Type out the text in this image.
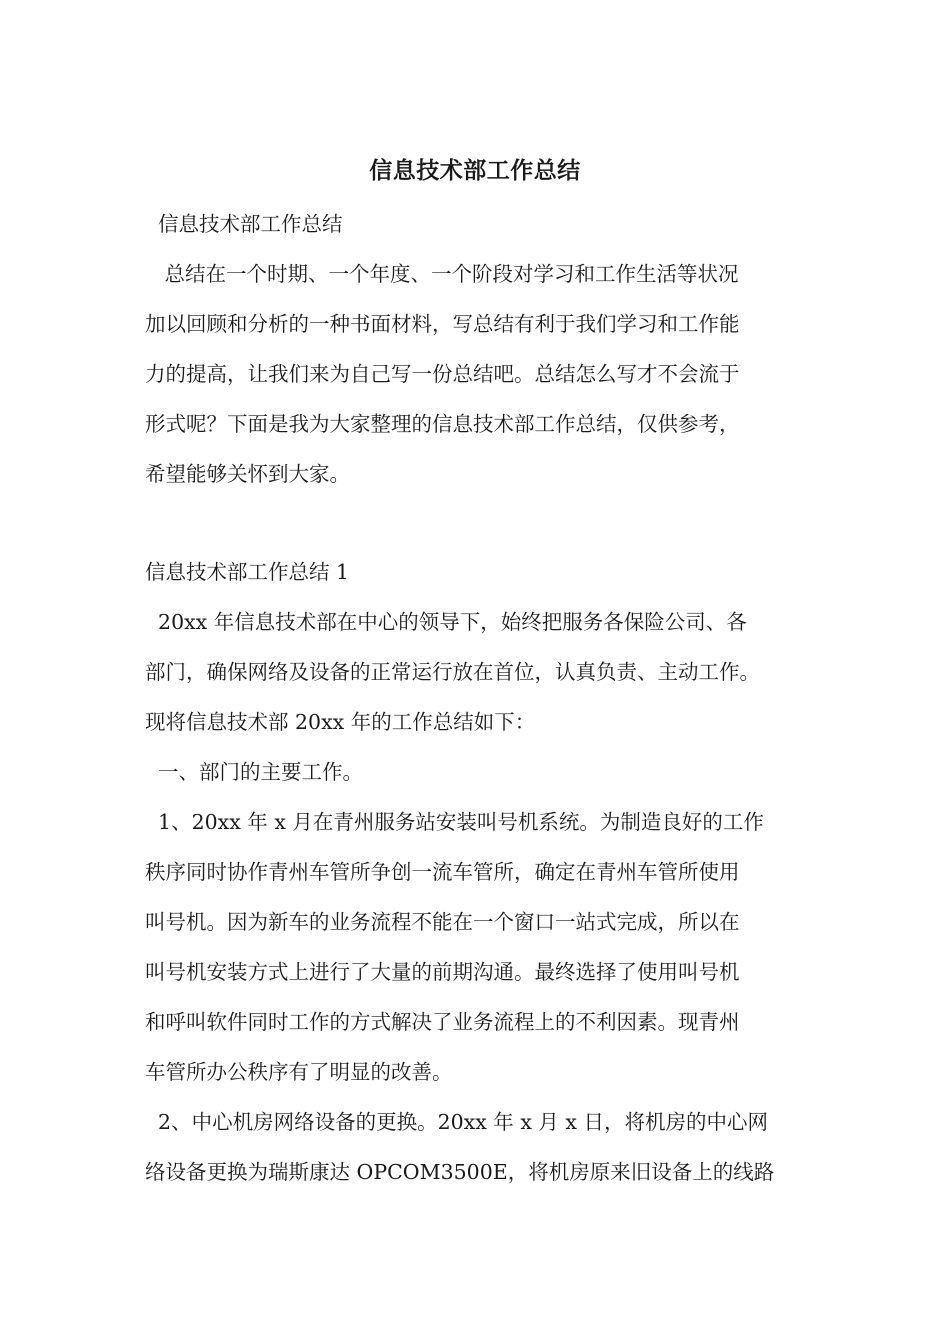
信息技术部工作总结
信息技术部工作总结
总结在一个时期、一个年度、一个阶段对学习和工作生活等状况
加以回顾和分析的一种书面材料，写总结有利于我们学习和工作能
力的提高，让我们来为自己写一份总结吧。总结怎么写才不会流于
形式呢？下面是我为大家整理的信息技术部工作总结，仅供参考，
希望能够关怀到大家。
信息技术部工作总结 1
20xx 年信息技术部在中心的领导下，始终把服务各保险公司、各
部门，确保网络及设备的正常运行放在首位，认真负责、主动工作。
现将信息技术部 20xx 年的工作总结如下：
一、部门的主要工作。
1、20xx 年 x 月在青州服务站安装叫号机系统。为制造良好的工作
秩序同时协作青州车管所争创一流车管所，确定在青州车管所使用
叫号机。因为新车的业务流程不能在一个窗口一站式完成，所以在
叫号机安装方式上进行了大量的前期沟通。最终选择了使用叫号机
和呼叫软件同时工作的方式解决了业务流程上的不利因素。现青州
车管所办公秩序有了明显的改善。
2、中心机房网络设备的更换。20xx 年 x 月 x 日，将机房的中心网
络设备更换为瑞斯康达 OPCOM3500E，将机房原来旧设备上的线路
